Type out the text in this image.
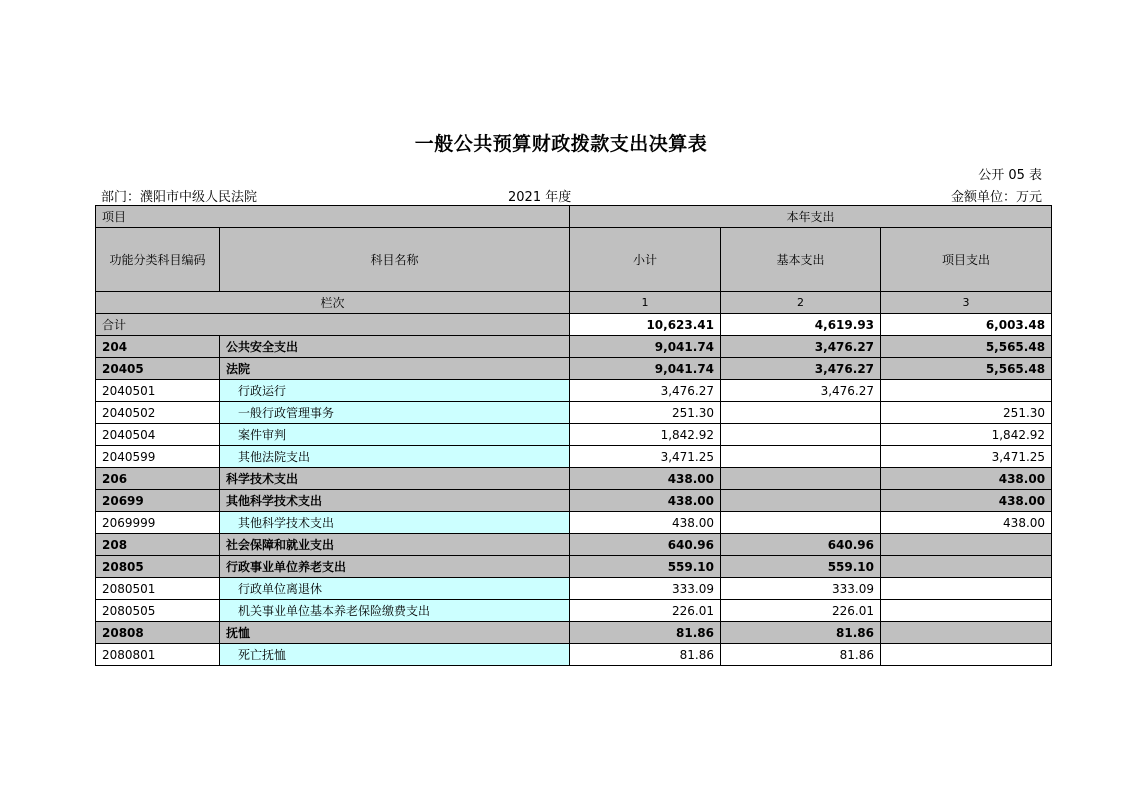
一般公共预算财政拨款支出决算表
公开 05 表
部门：濮阳市中级人民法院	2021 年度	金额单位：万元
项目		本年支出		
功能分类科目编码	科目名称	小计	基本支出	项目支出
栏次		1	2	3
合计		10,623.41	4,619.93	6,003.48
204	公共安全支出	9,041.74	3,476.27	5,565.48
20405	法院	9,041.74	3,476.27	5,565.48
2040501	行政运行	3,476.27	3,476.27	
2040502	一般行政管理事务	251.30		251.30
2040504	案件审判	1,842.92		1,842.92
2040599	其他法院支出	3,471.25		3,471.25
206	科学技术支出	438.00		438.00
20699	其他科学技术支出	438.00		438.00
2069999	其他科学技术支出	438.00		438.00
208	社会保障和就业支出	640.96	640.96	
20805	行政事业单位养老支出	559.10	559.10	
2080501	行政单位离退休	333.09	333.09	
2080505	机关事业单位基本养老保险缴费支出	226.01	226.01	
20808	抚恤	81.86	81.86	
2080801	死亡抚恤	81.86	81.86	
